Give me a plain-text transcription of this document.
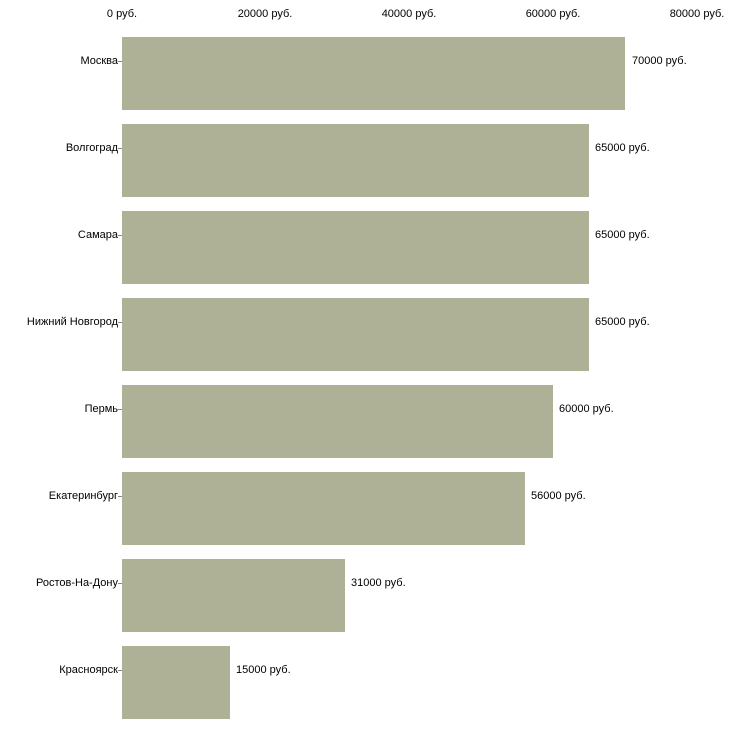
0 руб.	20000 руб.	40000 руб.	60000 руб.	80000 руб.
Москва	70000 руб.
Волгоград	65000 руб.
Самара	65000 руб.
Нижний Новгород	65000 руб.
Пермь	60000 руб.
Екатеринбург	56000 руб.
Ростов-На-Дону	31000 руб.
Красноярск	15000 руб.
